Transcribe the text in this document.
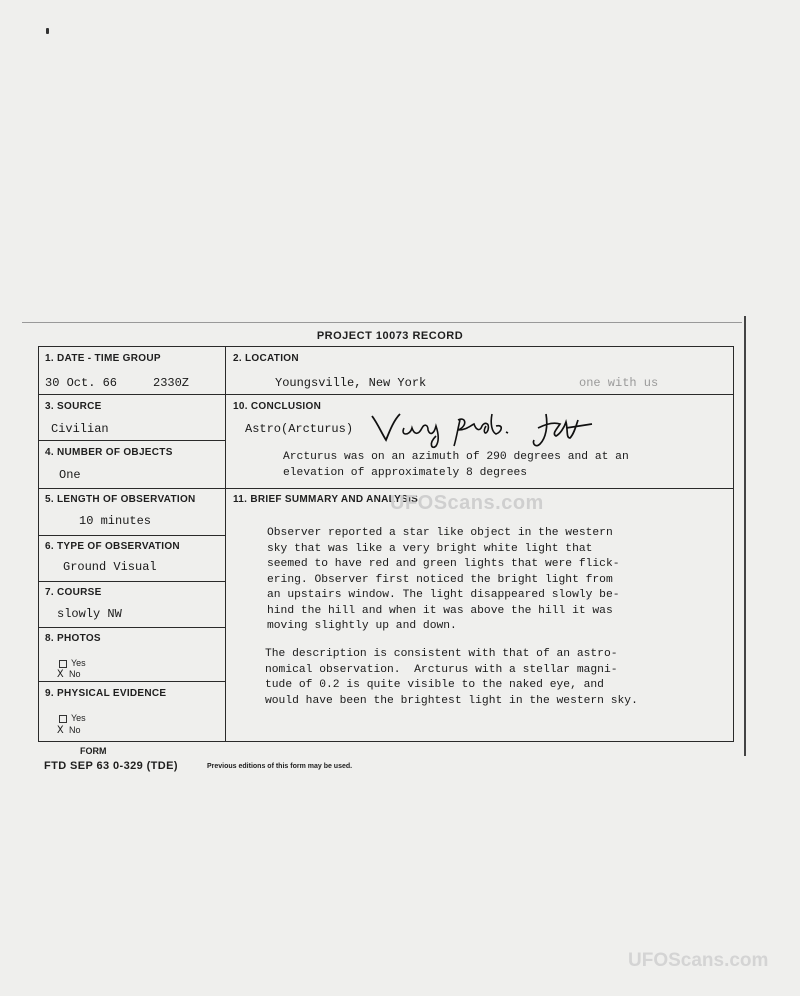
PROJECT 10073 RECORD
1. DATE - TIME GROUP
30 Oct. 66	2330Z
2. LOCATION
Youngsville, New York	one with us
3. SOURCE
Civilian
10. CONCLUSION
Astro(Arcturus)
Arcturus was on an azimuth of 290 degrees and at an
elevation of approximately 8 degrees
4. NUMBER OF OBJECTS
One
5. LENGTH OF OBSERVATION
10 minutes
11. BRIEF SUMMARY AND ANALYSIS
Observer reported a star like object in the western
sky that was like a very bright white light that
seemed to have red and green lights that were flick-
ering. Observer first noticed the bright light from
an upstairs window. The light disappeared slowly be-
hind the hill and when it was above the hill it was
moving slightly up and down.
The description is consistent with that of an astro-
nomical observation.  Arcturus with a stellar magni-
tude of 0.2 is quite visible to the naked eye, and
would have been the brightest light in the western sky.
6. TYPE OF OBSERVATION
Ground Visual
7. COURSE
slowly NW
8. PHOTOS
Yes
X No
9. PHYSICAL EVIDENCE
Yes
X No
UFOScans.com
UFOScans.com
FORM
FTD SEP 63 0-329 (TDE)	Previous editions of this form may be used.
